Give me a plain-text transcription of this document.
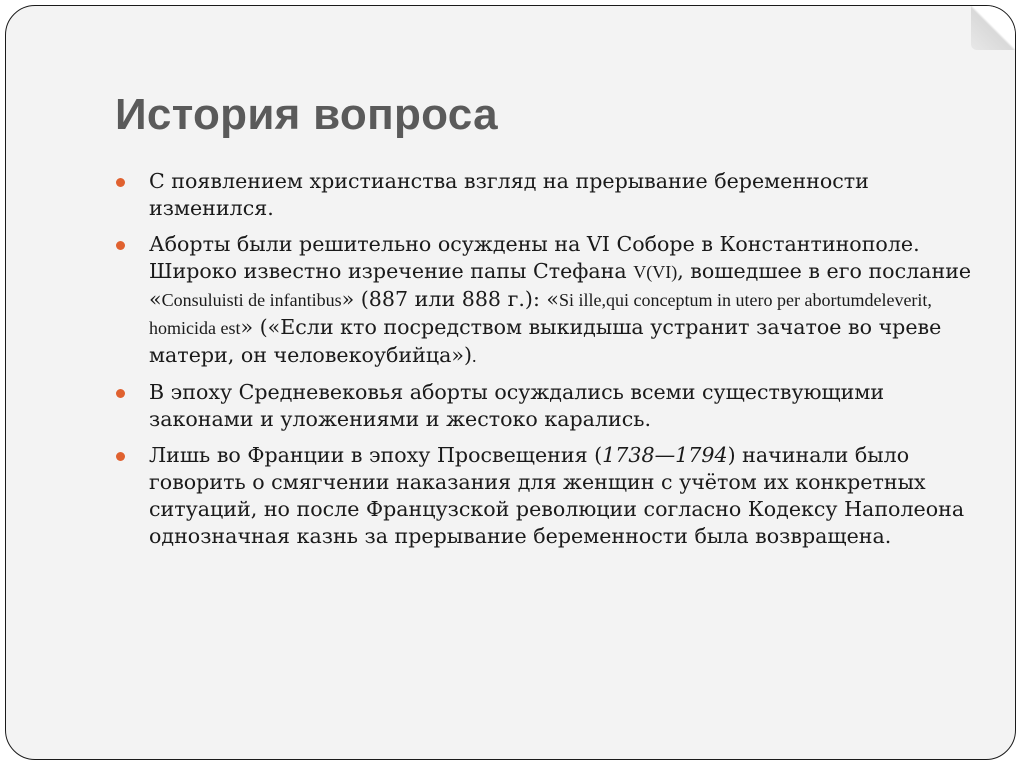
История вопроса
С появлением христианства взгляд на прерывание беременности изменился.
Аборты были решительно осуждены на VI Соборе в Константинополе. Широко известно изречение папы Стефана V(VI), вошедшее в его послание «Consuluisti de infantibus» (887 или 888 г.): «Si ille,qui conceptum in utero per abortumdeleverit, homicida est» («Если кто посредством выкидыша устранит зачатое во чреве матери, он человекоубийца»).
В эпоху Средневековья аборты осуждались всеми существующими законами и уложениями и жестоко карались.
Лишь во Франции в эпоху Просвещения (1738—1794) начинали было говорить о смягчении наказания для женщин с учётом их конкретных ситуаций, но после Французской революции согласно Кодексу Наполеона однозначная казнь за прерывание беременности была возвращена.
